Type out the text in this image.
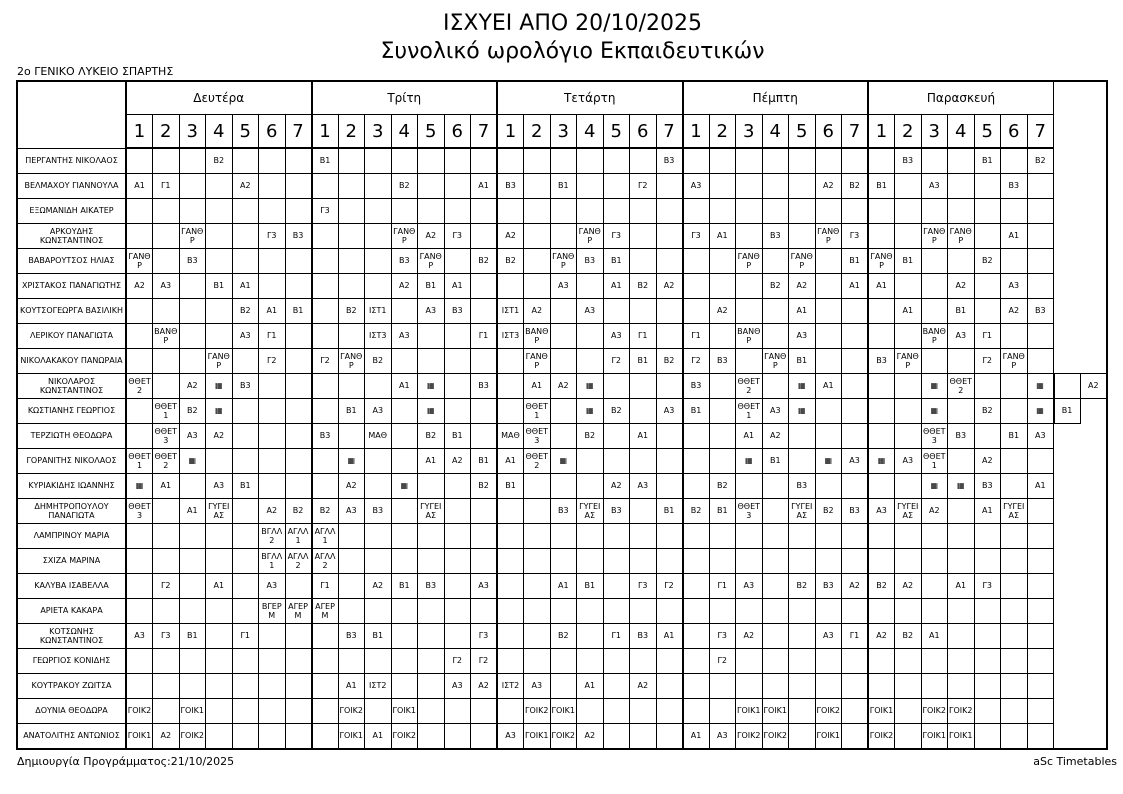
ΙΣΧΥΕΙ ΑΠΟ 20/10/2025
Συνολικό ωρολόγιο Εκπαιδευτικών
2ο ΓΕΝΙΚΟ ΛΥΚΕΙΟ ΣΠΑΡΤΗΣ
	Δευτέρα							Τρίτη							Τετάρτη							Πέμπτη							Παρασκευή								
	1	2	3	4	5	6	7	1	2	3	4	5	6	7	1	2	3	4	5	6	7	1	2	3	4	5	6	7	1	2	3	4	5	6	7		
ΠΕΡΓΑΝΤΗΣ ΝΙΚΟΛΑΟΣ				Β2				Β1													Β3									Β3			Β1		Β2		
ΒΕΛΜΑΧΟΥ ΓΙΑΝΝΟΥΛΑ	Α1	Γ1			Α2						Β2			Α1	Β3		Β1			Γ2		Α3					Α2	Β2	Β1		Α3			Β3			
ΕΞΩΜΑΝΙΔΗ ΑΙΚΑΤΕΡ								Γ3																													
ΑΡΚΟΥΔΗΣ ΚΩΝΣΤΑΝΤΙΝΟΣ			ΓΑΝΘΡ			Γ3	Β3				ΓΑΝΘΡ	Α2	Γ3		Α2			ΓΑΝΘΡ	Γ3			Γ3	Α1		Β3		ΓΑΝΘΡ	Γ3			ΓΑΝΘΡ	ΓΑΝΘΡ		Α1			
ΒΑΒΑΡΟΥΤΣΟΣ ΗΛΙΑΣ	ΓΑΝΘΡ		Β3								Β3	ΓΑΝΘΡ		Β2	Β2		ΓΑΝΘΡ	Β3	Β1					ΓΑΝΘΡ		ΓΑΝΘΡ		Β1	ΓΑΝΘΡ	Β1			Β2				
ΧΡΙΣΤΑΚΟΣ ΠΑΝΑΓΙΩΤΗΣ	Α2	Α3		Β1	Α1						Α2	Β1	Α1				Α3		Α1	Β2	Α2				Β2	Α2		Α1	Α1			Α2		Α3			
ΚΟΥΤΣΟΓΕΩΡΓΑ ΒΑΣΙΛΙΚΗ					Β2	Α1	Β1		Β2	ΙΣΤ1		Α3	Β3		ΙΣΤ1	Α2		Α3					Α2			Α1				Α1		Β1		Α2	Β3		
ΛΕΡΙΚΟΥ ΠΑΝΑΓΙΩΤΑ		ΒΑΝΘΡ			Α3	Γ1				ΙΣΤ3	Α3			Γ1	ΙΣΤ3	ΒΑΝΘΡ			Α3	Γ1		Γ1		ΒΑΝΘΡ		Α3					ΒΑΝΘΡ	Α3	Γ1				
ΝΙΚΟΛΑΚΑΚΟΥ ΠΑΝΩΡΑΙΑ				ΓΑΝΘΡ		Γ2		Γ2	ΓΑΝΘΡ	Β2						ΓΑΝΘΡ			Γ2	Β1	Β2	Γ2	Β3		ΓΑΝΘΡ	Β1			Β3	ΓΑΝΘΡ			Γ2	ΓΑΝΘΡ			
ΝΙΚΟΛΑΡΟΣ ΚΩΝΣΤΑΝΤΙΝΟΣ	ΘΘΕΤ2		Α2	▦	Β3						Α1	▦		Β3		Α1	Α2	▦				Β3		ΘΘΕΤ2		▦	Α1				▦	ΘΘΕΤ2			▦		Α2
ΚΩΣΤΙΑΝΗΣ ΓΕΩΡΓΙΟΣ		ΘΘΕΤ1	Β2	▦					Β1	Α3		▦				ΘΘΕΤ1		▦	Β2		Α3	Β1		ΘΘΕΤ1	Α3	▦					▦		Β2		▦	Β1	
ΤΕΡΖΙΩΤΗ ΘΕΟΔΩΡΑ		ΘΘΕΤ3	Α3	Α2				Β3		ΜΑΘ		Β2	Β1		ΜΑΘ	ΘΘΕΤ3		Β2		Α1				Α1	Α2						ΘΘΕΤ3	Β3		Β1	Α3		
ΓΟΡΑΝΙΤΗΣ ΝΙΚΟΛΑΟΣ	ΘΘΕΤ1	ΘΘΕΤ2	▦						▦			Α1	Α2	Β1	Α1	ΘΘΕΤ2	▦							▦	Β1		▦	Α3	▦	Α3	ΘΘΕΤ1		Α2				
ΚΥΡΙΑΚΙΔΗΣ ΙΩΑΝΝΗΣ	▦	Α1		Α3	Β1				Α2		▦			Β2	Β1				Α2	Α3			Β2			Β3					▦	▦	Β3		Α1		
ΔΗΜΗΤΡΟΠΟΥΛΟΥ ΠΑΝΑΓΙΩΤΑ	ΘΘΕΤ3		Α1	ΓΥΓΕΙΑΣ		Α2	Β2	Β2	Α3	Β3		ΓΥΓΕΙΑΣ					Β3	ΓΥΓΕΙΑΣ	Β3		Β1	Β2	Β1	ΘΘΕΤ3		ΓΥΓΕΙΑΣ	Β2	Β3	Α3	ΓΥΓΕΙΑΣ	Α2		Α1	ΓΥΓΕΙΑΣ			
ΛΑΜΠΡΙΝΟΥ ΜΑΡΙΑ						ΒΓΛΛ2	ΑΓΛΛ1	ΑΓΛΛ1																													
ΣΧΙΖΑ ΜΑΡΙΝΑ						ΒΓΛΛ1	ΑΓΛΛ2	ΑΓΛΛ2																													
ΚΑΛΥΒΑ ΙΣΑΒΕΛΛΑ		Γ2		Α1		Α3		Γ1		Α2	Β1	Β3		Α3			Α1	Β1		Γ3	Γ2		Γ1	Α3		Β2	Β3	Α2	Β2	Α2		Α1	Γ3				
ΑΡΙΕΤΑ ΚΑΚΑΡΑ						ΒΓΕΡΜ	ΑΓΕΡΜ	ΑΓΕΡΜ																													
ΚΟΤΣΩΝΗΣ ΚΩΝΣΤΑΝΤΙΝΟΣ	Α3	Γ3	Β1		Γ1				Β3	Β1				Γ3			Β2		Γ1	Β3	Α1		Γ3	Α2			Α3	Γ1	Α2	Β2	Α1						
ΓΕΩΡΓΙΟΣ ΚΟΝΙΔΗΣ													Γ2	Γ2									Γ2														
ΚΟΥΤΡΑΚΟΥ ΖΩΙΤΣΑ									Α1	ΙΣΤ2			Α3	Α2	ΙΣΤ2	Α3		Α1		Α2																	
ΔΟΥΝΙΑ ΘΕΟΔΩΡΑ	ΓΟΙΚ2		ΓΟΙΚ1						ΓΟΙΚ2		ΓΟΙΚ1					ΓΟΙΚ2	ΓΟΙΚ1							ΓΟΙΚ1	ΓΟΙΚ1		ΓΟΙΚ2		ΓΟΙΚ1		ΓΟΙΚ2	ΓΟΙΚ2					
ΑΝΑΤΟΛΙΤΗΣ ΑΝΤΩΝΙΟΣ	ΓΟΙΚ1	Α2	ΓΟΙΚ2						ΓΟΙΚ1	Α1	ΓΟΙΚ2				Α3	ΓΟΙΚ1	ΓΟΙΚ2	Α2				Α1	Α3	ΓΟΙΚ2	ΓΟΙΚ2		ΓΟΙΚ1		ΓΟΙΚ2		ΓΟΙΚ1	ΓΟΙΚ1					
Δημιουργία Προγράμματος:21/10/2025	aSc Timetables
